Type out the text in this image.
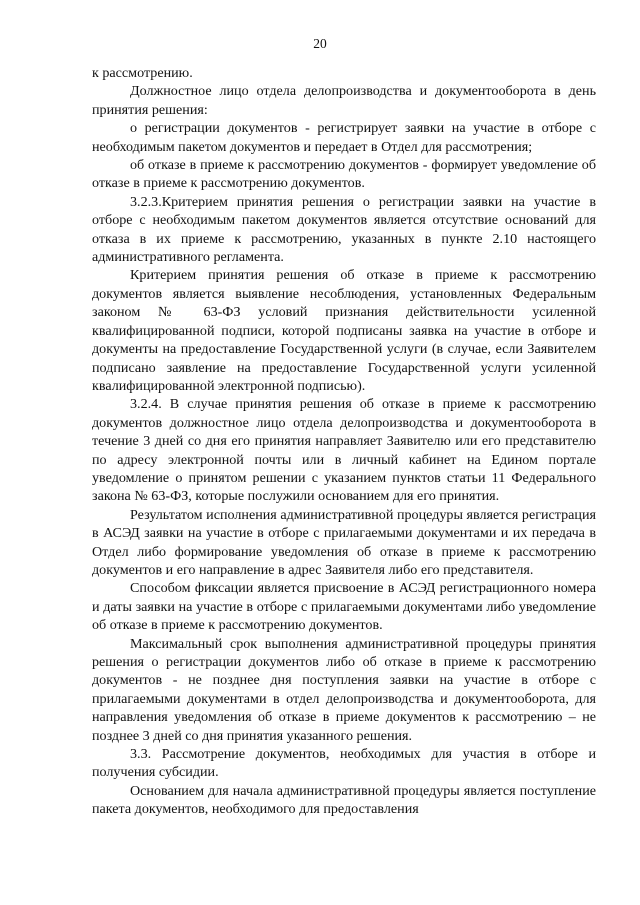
20

к рассмотрению.

Должностное лицо отдела делопроизводства и документооборота в день принятия решения:

о регистрации документов - регистрирует заявки на участие в отборе с необходимым пакетом документов и передает в Отдел для рассмотрения;

об отказе в приеме к рассмотрению документов - формирует уведомление об отказе в приеме к рассмотрению документов.

3.2.3.Критерием принятия решения о регистрации заявки на участие в отборе с необходимым пакетом документов является отсутствие оснований для отказа в их приеме к рассмотрению, указанных в пункте 2.10 настоящего административного регламента.

Критерием принятия решения об отказе в приеме к рассмотрению документов является выявление несоблюдения, установленных Федеральным законом № 63-ФЗ условий признания действительности усиленной квалифицированной подписи, которой подписаны заявка на участие в отборе и документы на предоставление Государственной услуги (в случае, если Заявителем подписано заявление на предоставление Государственной услуги усиленной квалифицированной электронной подписью).

3.2.4. В случае принятия решения об отказе в приеме к рассмотрению документов должностное лицо отдела делопроизводства и документооборота в течение 3 дней со дня его принятия направляет Заявителю или его представителю по адресу электронной почты или в личный кабинет на Едином портале уведомление о принятом решении с указанием пунктов статьи 11 Федерального закона № 63-ФЗ, которые послужили основанием для его принятия.

Результатом исполнения административной процедуры является регистрация в АСЭД заявки на участие в отборе с прилагаемыми документами и их передача в Отдел либо формирование уведомления об отказе в приеме к рассмотрению документов и его направление в адрес Заявителя либо его представителя.

Способом фиксации является присвоение в АСЭД регистрационного номера и даты заявки на участие в отборе с прилагаемыми документами либо уведомление об отказе в приеме к рассмотрению документов.

Максимальный срок выполнения административной процедуры принятия решения о регистрации документов либо об отказе в приеме к рассмотрению документов - не позднее дня поступления заявки на участие в отборе с прилагаемыми документами в отдел делопроизводства и документооборота, для направления уведомления об отказе в приеме документов к рассмотрению – не позднее 3 дней со дня принятия указанного решения.

3.3. Рассмотрение документов, необходимых для участия в отборе и получения субсидии.

Основанием для начала административной процедуры является поступление пакета документов, необходимого для предоставления
